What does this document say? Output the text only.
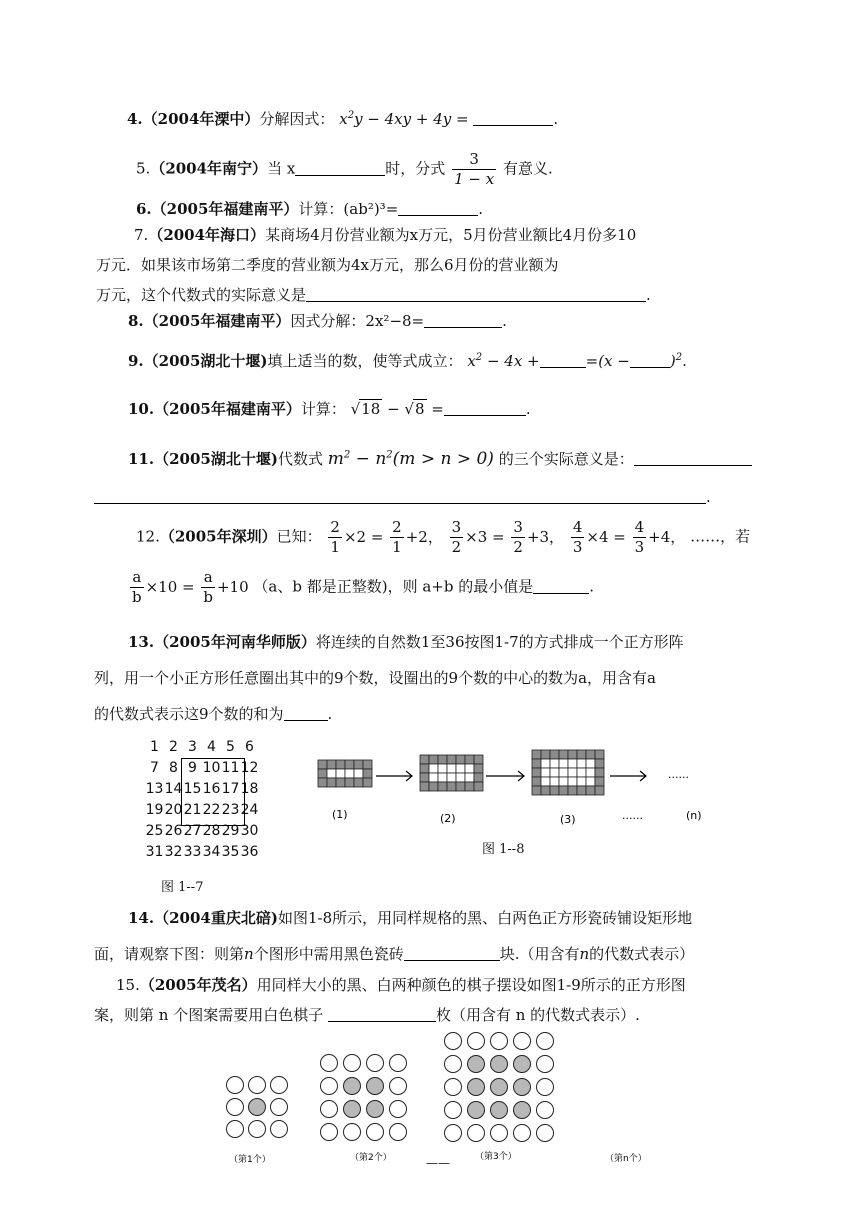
4.（2004年溧中）分解因式： $x^2y - 4xy + 4y$ =	.
5.（2004年南宁）当 x	时，分式 $\frac{3}{1 - x}$ 有意义.
6.（2005年福建南平）计算：(ab²)³=	.
7.（2004年海口）某商场4月份营业额为x万元，5月份营业额比4月份多10
万元．如果该市场第二季度的营业额为4x万元，那么6月份的营业额为
万元，这个代数式的实际意义是	.
8.（2005年福建南平）因式分解：2x²−8=	.
9.（2005湖北十堰)填上适当的数，使等式成立： $x^2 - 4x$ +	=(x −	)$^2$.
10.（2005年福建南平）计算： √18 − √8 =	.
11.（2005湖北十堰)代数式 $m^2 - n^2(m > n > 0)$ 的三个实际意义是：
.
12.（2005年深圳）已知： $\frac{2}{1} \times 2 = \frac{2}{1} +2$， $\frac{3}{2} \times 3 = \frac{3}{2} +3$， $\frac{4}{3} \times 4 = \frac{4}{3} +4$， ……，若
$\frac{a}{b} \times 10 = \frac{a}{b} +10$ （a、b 都是正整数)，则 a+b 的最小值是	.
13.（2005年河南华师版）将连续的自然数1至36按图1-7的方式排成一个正方形阵
列，用一个小正方形任意圈出其中的9个数，设圈出的9个数的中心的数为a，用含有a
的代数式表示这9个数的和为	.
1	2	3	4	5	6
7	8	9	10	11	12
13	14	15	16	17	18
19	20	21	22	23	24
25	26	27	28	29	30
31	32	33	34	35	36
图 1--7
......
(1)	(2)	(3)	......	(n)
图 1--8
14.（2004重庆北碚)如图1-8所示，用同样规格的黑、白两色正方形瓷砖铺设矩形地
面，请观察下图：则第n个图形中需用黑色瓷砖	块.（用含有n的代数式表示）
15.（2005年茂名）用同样大小的黑、白两种颜色的棋子摆设如图1-9所示的正方形图
案，则第 n 个图案需要用白色棋子	枚（用含有 n 的代数式表示）.
（第1个）	（第2个）	（第3个）	（第n个）
——
